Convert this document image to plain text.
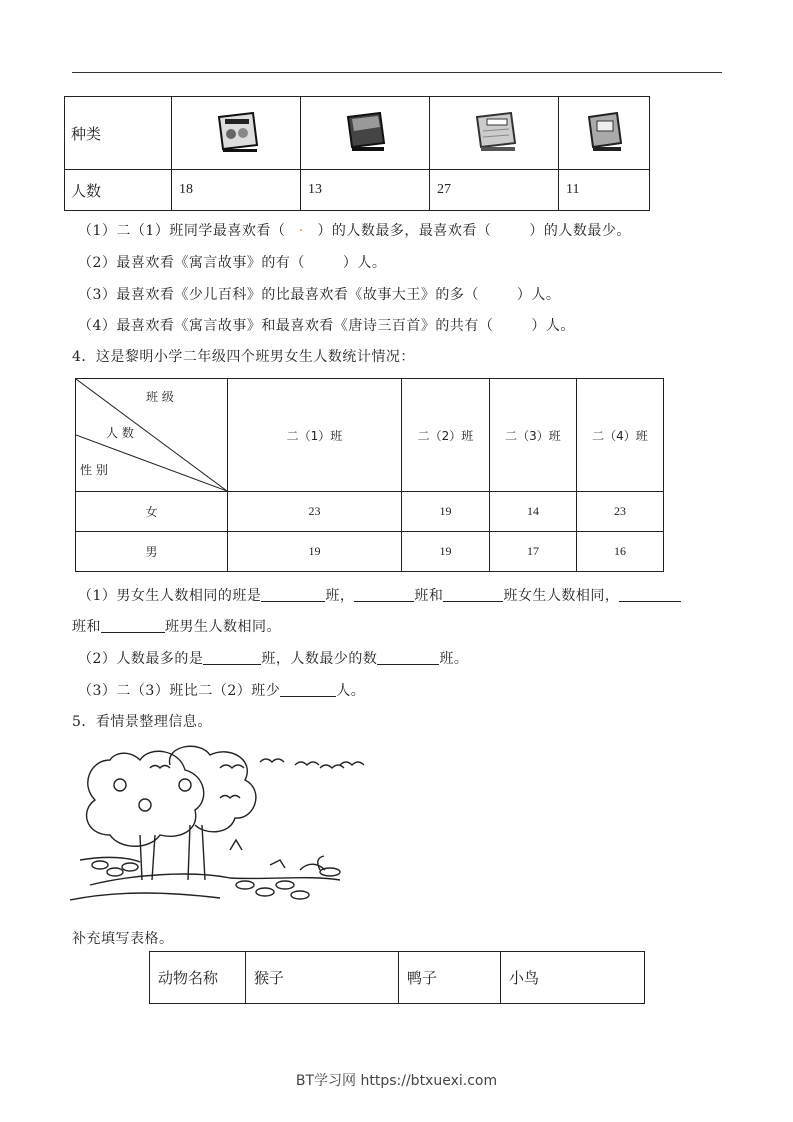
种类				
人数	18	13	27	11
（1）二（1）班同学最喜欢看（ · ）的人数最多，最喜欢看（	）的人数最少。
（2）最喜欢看《寓言故事》的有（	）人。
（3）最喜欢看《少儿百科》的比最喜欢看《故事大王》的多（	）人。
（4）最喜欢看《寓言故事》和最喜欢看《唐诗三百首》的共有（	）人。
4．这是黎明小学二年级四个班男女生人数统计情况：
班 级
人 数
性 别	二（1）班	二（2）班	二（3）班	二（4）班
女	23	19	14	23
男	19	19	17	16
（1）男女生人数相同的班是	班，	班和	班女生人数相同，
班和	班男生人数相同。
（2）人数最多的是	班，人数最少的数	班。
（3）二（3）班比二（2）班少	人。
5．看情景整理信息。
补充填写表格。
动物名称	猴子	鸭子	小鸟
BT学习网 https://btxuexi.com
